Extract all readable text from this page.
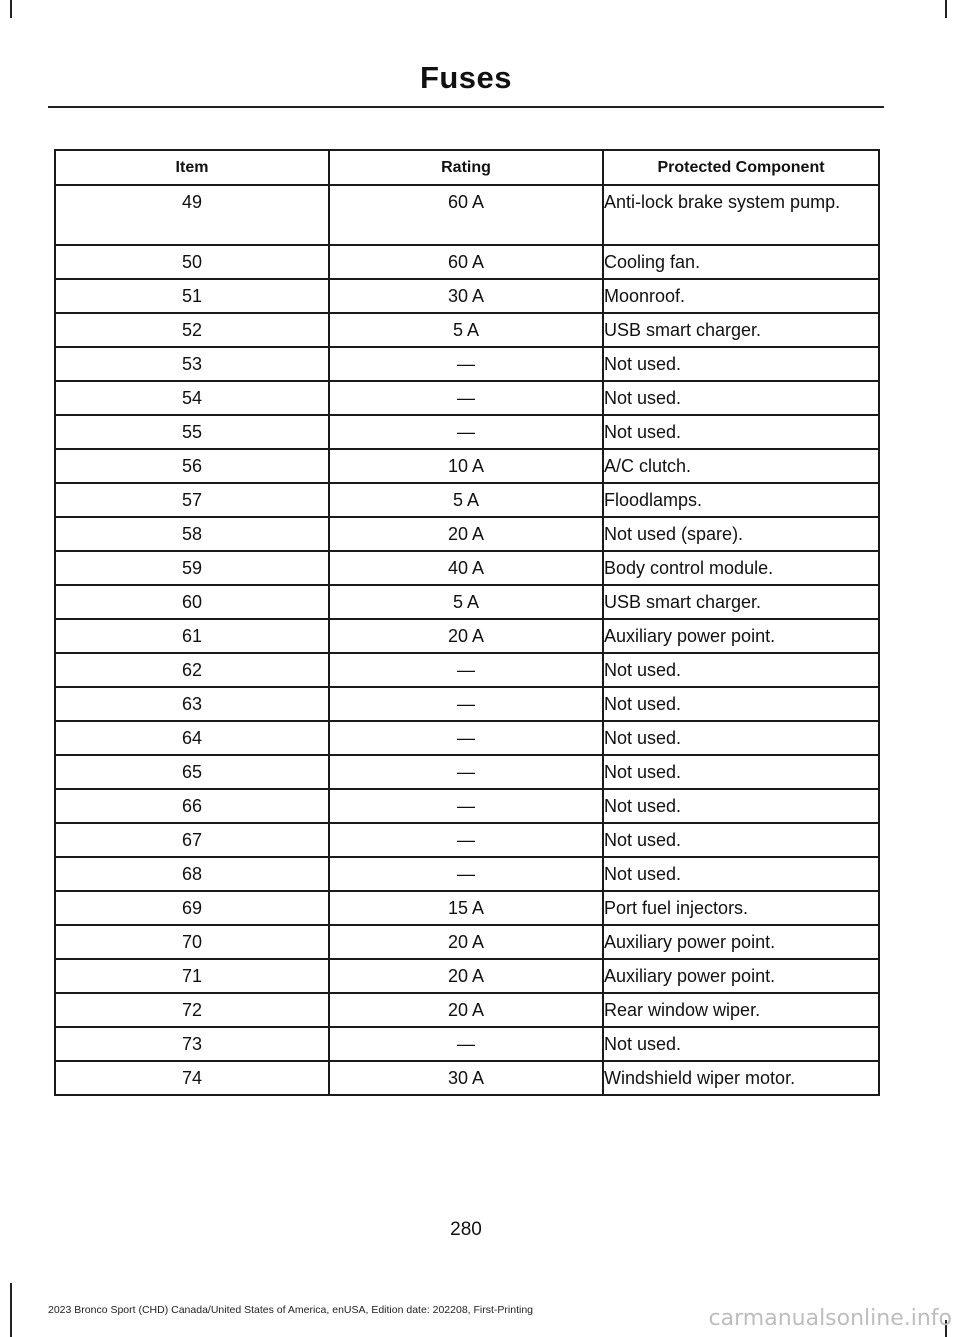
Fuses
Item	Rating	Protected Component
49	60 A	Anti-lock brake system pump.
50	60 A	Cooling fan.
51	30 A	Moonroof.
52	5 A	USB smart charger.
53	—	Not used.
54	—	Not used.
55	—	Not used.
56	10 A	A/C clutch.
57	5 A	Floodlamps.
58	20 A	Not used (spare).
59	40 A	Body control module.
60	5 A	USB smart charger.
61	20 A	Auxiliary power point.
62	—	Not used.
63	—	Not used.
64	—	Not used.
65	—	Not used.
66	—	Not used.
67	—	Not used.
68	—	Not used.
69	15 A	Port fuel injectors.
70	20 A	Auxiliary power point.
71	20 A	Auxiliary power point.
72	20 A	Rear window wiper.
73	—	Not used.
74	30 A	Windshield wiper motor.
280
2023 Bronco Sport (CHD) Canada/United States of America, enUSA, Edition date: 202208, First-Printing	carmanualsonline.info
